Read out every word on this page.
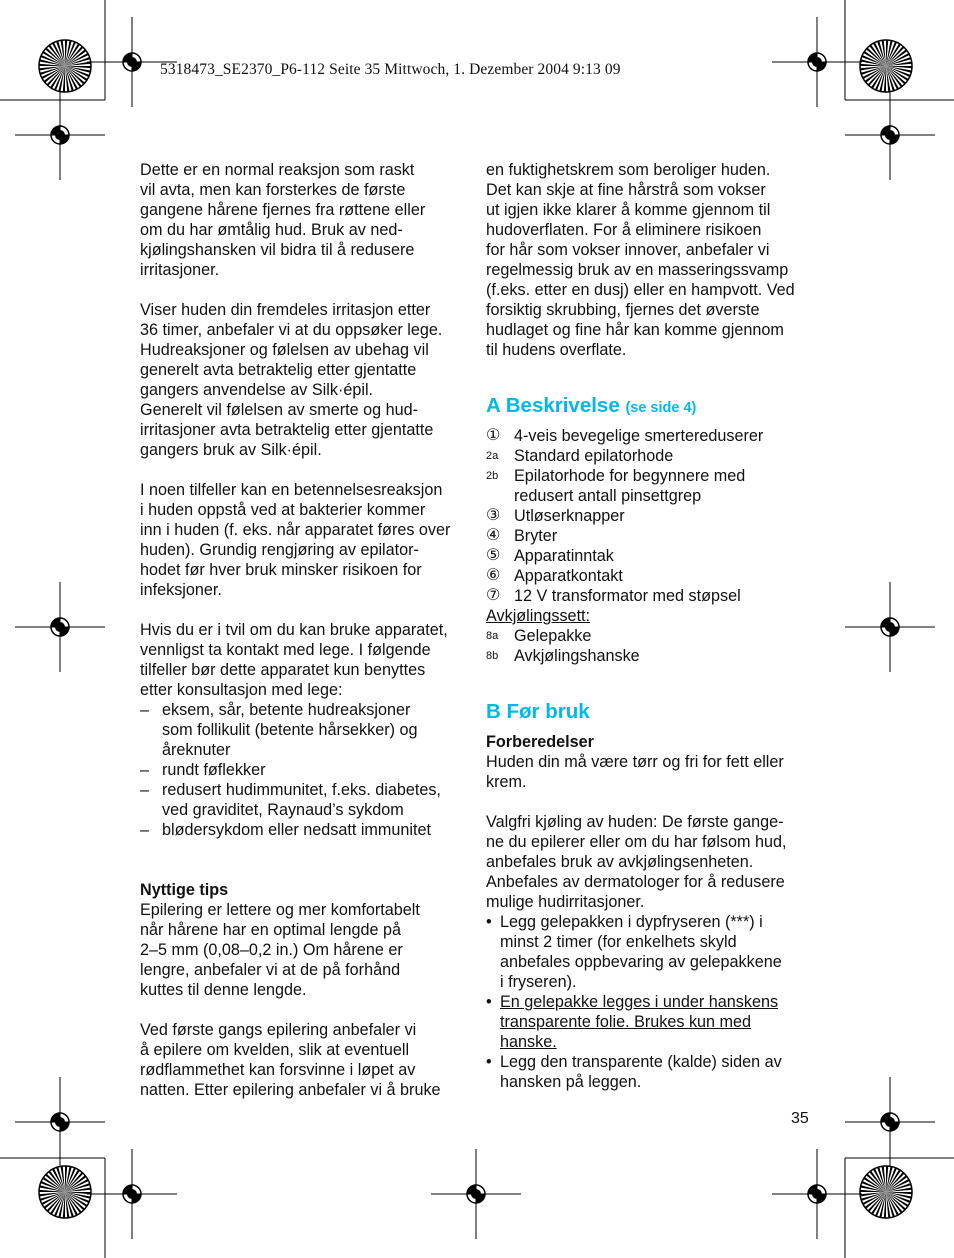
5318473_SE2370_P6-112 Seite 35 Mittwoch, 1. Dezember 2004 9:13 09

Dette er en normal reaksjon som raskt
vil avta, men kan forsterkes de første
gangene hårene fjernes fra røttene eller
om du har ømtålig hud. Bruk av ned-
kjølingshansken vil bidra til å redusere
irritasjoner.

Viser huden din fremdeles irritasjon etter
36 timer, anbefaler vi at du oppsøker lege.
Hudreaksjoner og følelsen av ubehag vil
generelt avta betraktelig etter gjentatte
gangers anvendelse av Silk·épil.
Generelt vil følelsen av smerte og hud-
irritasjoner avta betraktelig etter gjentatte
gangers bruk av Silk·épil.

I noen tilfeller kan en betennelsesreaksjon
i huden oppstå ved at bakterier kommer
inn i huden (f. eks. når apparatet føres over
huden). Grundig rengjøring av epilator-
hodet før hver bruk minsker risikoen for
infeksjoner.

Hvis du er i tvil om du kan bruke apparatet,
vennligst ta kontakt med lege. I følgende
tilfeller bør dette apparatet kun benyttes
etter konsultasjon med lege:

– eksem, sår, betente hudreaksjoner
som follikulit (betente hårsekker) og
åreknuter
– rundt føflekker
– redusert hudimmunitet, f.eks. diabetes,
ved graviditet, Raynaud’s sykdom
– blødersykdom eller nedsatt immunitet

Nyttige tips

Epilering er lettere og mer komfortabelt
når hårene har en optimal lengde på
2–5 mm (0,08–0,2 in.) Om hårene er
lengre, anbefaler vi at de på forhånd
kuttes til denne lengde.

Ved første gangs epilering anbefaler vi
å epilere om kvelden, slik at eventuell
rødflammethet kan forsvinne i løpet av
natten. Etter epilering anbefaler vi å bruke

en fuktighetskrem som beroliger huden.
Det kan skje at fine hårstrå som vokser
ut igjen ikke klarer å komme gjennom til
hudoverflaten. For å eliminere risikoen
for hår som vokser innover, anbefaler vi
regelmessig bruk av en masseringssvamp
(f.eks. etter en dusj) eller en hampvott. Ved
forsiktig skrubbing, fjernes det øverste
hudlaget og fine hår kan komme gjennom
til hudens overflate.

A Beskrivelse (se side 4)

① 4-veis bevegelige smertereduserer
2a Standard epilatorhode
2b Epilatorhode for begynnere med
redusert antall pinsettgrep
③ Utløserknapper
④ Bryter
⑤ Apparatinntak
⑥ Apparatkontakt
⑦ 12 V transformator med støpsel

Avkjølingssett:

8a Gelepakke
8b Avkjølingshanske

B Før bruk

Forberedelser

Huden din må være tørr og fri for fett eller
krem.

Valgfri kjøling av huden: De første gange-
ne du epilerer eller om du har følsom hud,
anbefales bruk av avkjølingsenheten.
Anbefales av dermatologer for å redusere
mulige hudirritasjoner.

• Legg gelepakken i dypfryseren (***) i
minst 2 timer (for enkelhets skyld
anbefales oppbevaring av gelepakkene
i fryseren).
• En gelepakke legges i under hanskens
transparente folie. Brukes kun med
hanske.
• Legg den transparente (kalde) siden av
hansken på leggen.
35
